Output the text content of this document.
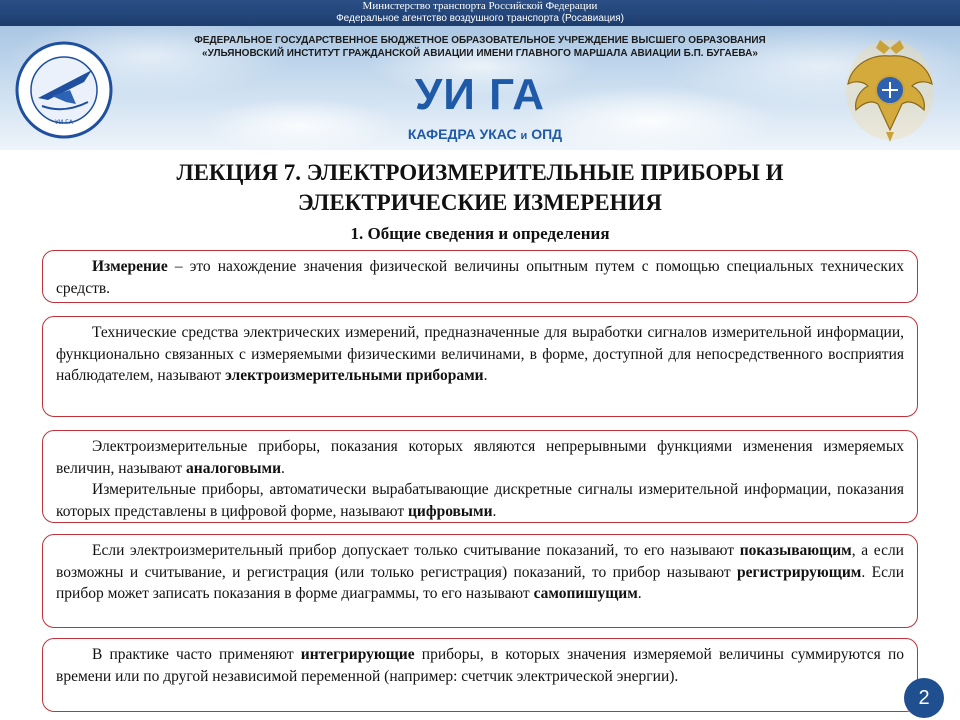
Министерство транспорта Российской Федерации
Федеральное агентство воздушного транспорта (Росавиация)
УИ ГА
ФЕДЕРАЛЬНОЕ ГОСУДАРСТВЕННОЕ БЮДЖЕТНОЕ ОБРАЗОВАТЕЛЬНОЕ УЧРЕЖДЕНИЕ ВЫСШЕГО ОБРАЗОВАНИЯ
«УЛЬЯНОВСКИЙ ИНСТИТУТ ГРАЖДАНСКОЙ АВИАЦИИ ИМЕНИ ГЛАВНОГО МАРШАЛА АВИАЦИИ Б.П. БУГАЕВА»
УИ ГА
КАФЕДРА УКАС и ОПД
ЛЕКЦИЯ 7. ЭЛЕКТРОИЗМЕРИТЕЛЬНЫЕ ПРИБОРЫ И
ЭЛЕКТРИЧЕСКИЕ ИЗМЕРЕНИЯ
1. Общие сведения и определения

Измерение – это нахождение значения физической величины опытным путем с помощью специальных технических средств.

Технические средства электрических измерений, предназначенные для выработки сигналов измерительной информации, функционально связанных с измеряемыми физическими величинами, в форме, доступной для непосредственного восприятия наблюдателем, называют электроизмерительными приборами.

Электроизмерительные приборы, показания которых являются непрерывными функциями изменения измеряемых величин, называют аналоговыми.

Измерительные приборы, автоматически вырабатывающие дискретные сигналы измерительной информации, показания которых представлены в цифровой форме, называют цифровыми.

Если электроизмерительный прибор допускает только считывание показаний, то его называют показывающим, а если возможны и считывание, и регистрация (или только регистрация) показаний, то прибор называют регистрирующим. Если прибор может записать показания в форме диаграммы, то его называют самопишущим.

В практике часто применяют интегрирующие приборы, в которых значения измеряемой величины суммируются по времени или по другой независимой переменной (например: счетчик электрической энергии).

2
